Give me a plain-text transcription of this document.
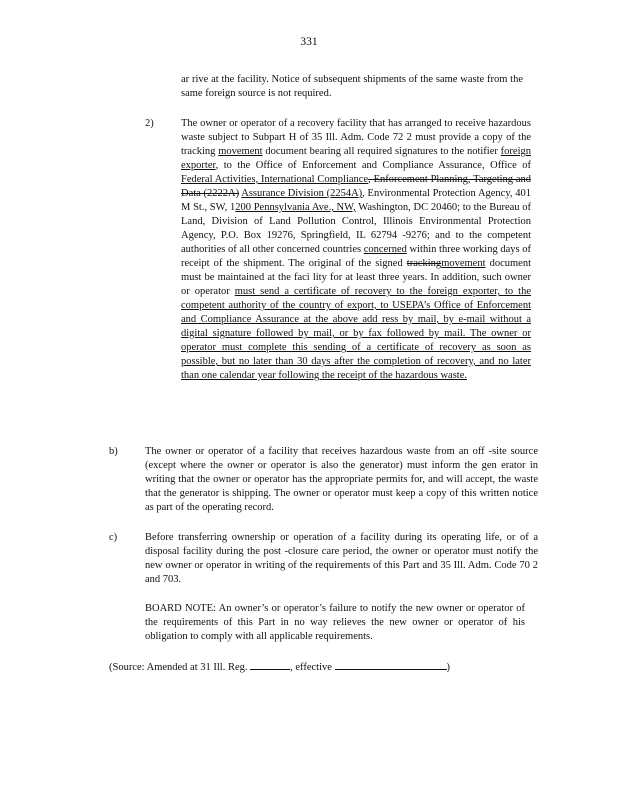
331
ar rive at the facility. Notice of subsequent shipments of the same waste from the same foreign source is not required.
2)	The owner or operator of a recovery facility that has arranged to receive hazardous waste subject to Subpart H of 35 Ill. Adm. Code 72 2 must provide a copy of the tracking movement document bearing all required signatures to the notifier foreign exporter, to the Office of Enforcement and Compliance Assurance, Office of Federal Activities, International Compliance, Enforcement Planning, Targeting and Data (2222A) Assurance Division (2254A), Environmental Protection Agency, 401 M St., SW, 1200 Pennsylvania Ave., NW, Washington, DC 20460; to the Bureau of Land, Division of Land Pollution Control, Illinois Environmental Protection Agency, P.O. Box 19276, Springfield, IL 62794 -9276; and to the competent authorities of all other concerned countries concerned within three working days of receipt of the shipment. The original of the signed trackingmovement document must be maintained at the faci lity for at least three years. In addition, such owner or operator must send a certificate of recovery to the foreign exporter, to the competent authority of the country of export, to USEPA’s Office of Enforcement and Compliance Assurance at the above add ress by mail, by e-mail without a digital signature followed by mail, or by fax followed by mail. The owner or operator must complete this sending of a certificate of recovery as soon as possible, but no later than 30 days after the completion of recovery, and no later than one calendar year following the receipt of the hazardous waste.
b)	The owner or operator of a facility that receives hazardous waste from an off -site source (except where the owner or operator is also the generator) must inform the gen erator in writing that the owner or operator has the appropriate permits for, and will accept, the waste that the generator is shipping. The owner or operator must keep a copy of this written notice as part of the operating record.
c)	Before transferring ownership or operation of a facility during its operating life, or of a disposal facility during the post -closure care period, the owner or operator must notify the new owner or operator in writing of the requirements of this Part and 35 Ill. Adm. Code 70 2 and 703.
BOARD NOTE: An owner’s or operator’s failure to notify the new owner or operator of the requirements of this Part in no way relieves the new owner or operator of his obligation to comply with all applicable requirements.
(Source: Amended at 31 Ill. Reg.	, effective	)
